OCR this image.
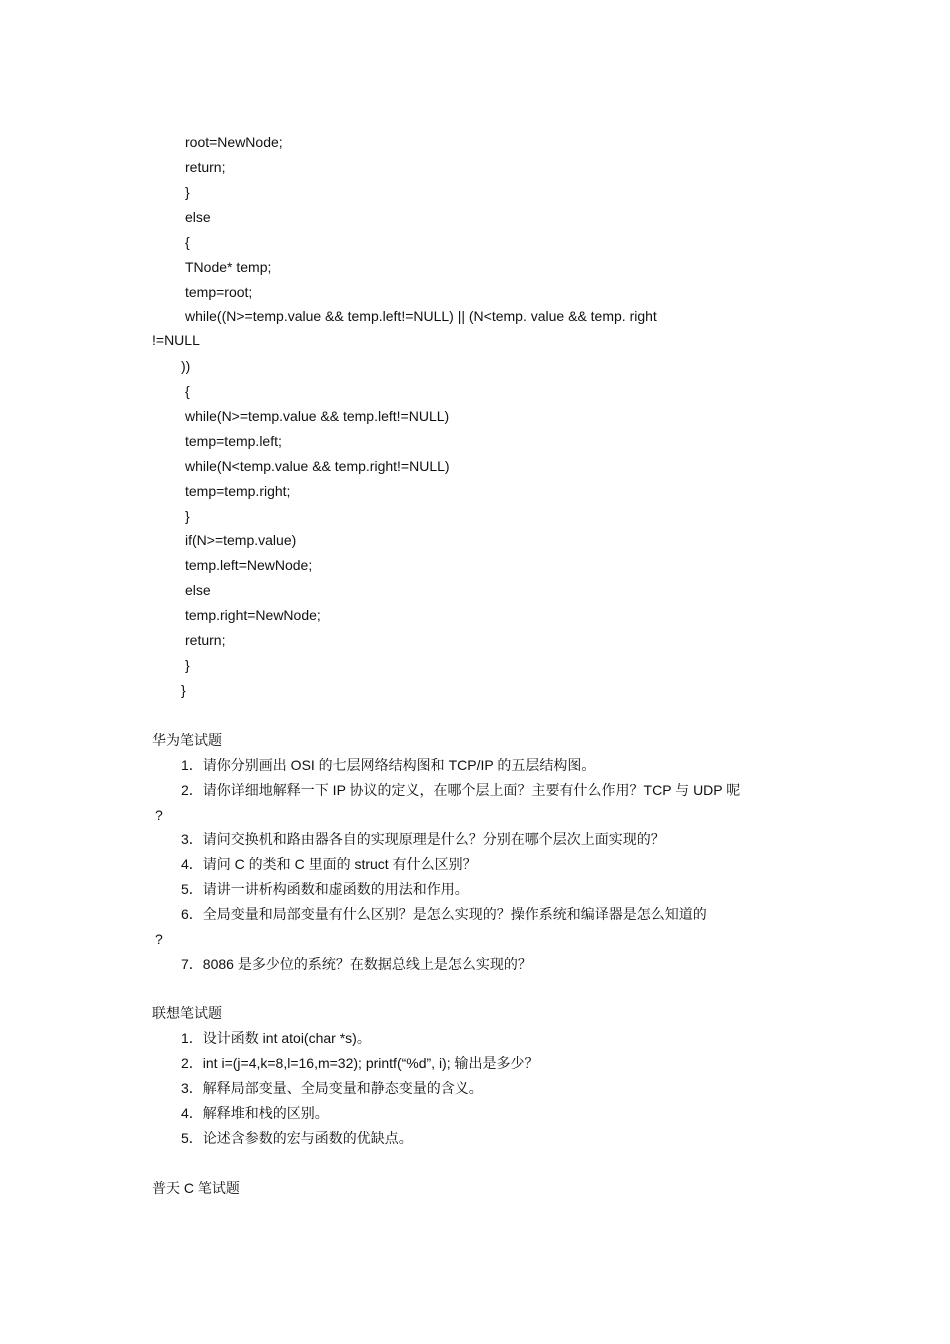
root=NewNode;
return;
}
else
{
TNode* temp;
temp=root;
while((N>=temp.value && temp.left!=NULL) || (N<temp. value && temp. right
!=NULL
))
{
while(N>=temp.value && temp.left!=NULL)
temp=temp.left;
while(N<temp.value && temp.right!=NULL)
temp=temp.right;
}
if(N>=temp.value)
temp.left=NewNode;
else
temp.right=NewNode;
return;
}
}
华为笔试题
1．请你分别画出 OSI 的七层网络结构图和 TCP/IP 的五层结构图。
2．请你详细地解释一下 IP 协议的定义，在哪个层上面？主要有什么作用？TCP 与 UDP 呢
?
3．请问交换机和路由器各自的实现原理是什么？分别在哪个层次上面实现的？
4．请问 C 的类和 C 里面的 struct 有什么区别？
5．请讲一讲析构函数和虚函数的用法和作用。
6．全局变量和局部变量有什么区别？是怎么实现的？操作系统和编译器是怎么知道的
?
7．8086 是多少位的系统？在数据总线上是怎么实现的？
联想笔试题
1．设计函数 int atoi(char *s)。
2．int i=(j=4,k=8,l=16,m=32); printf(“%d”, i); 输出是多少？
3．解释局部变量、全局变量和静态变量的含义。
4．解释堆和栈的区别。
5．论述含参数的宏与函数的优缺点。
普天 C 笔试题
